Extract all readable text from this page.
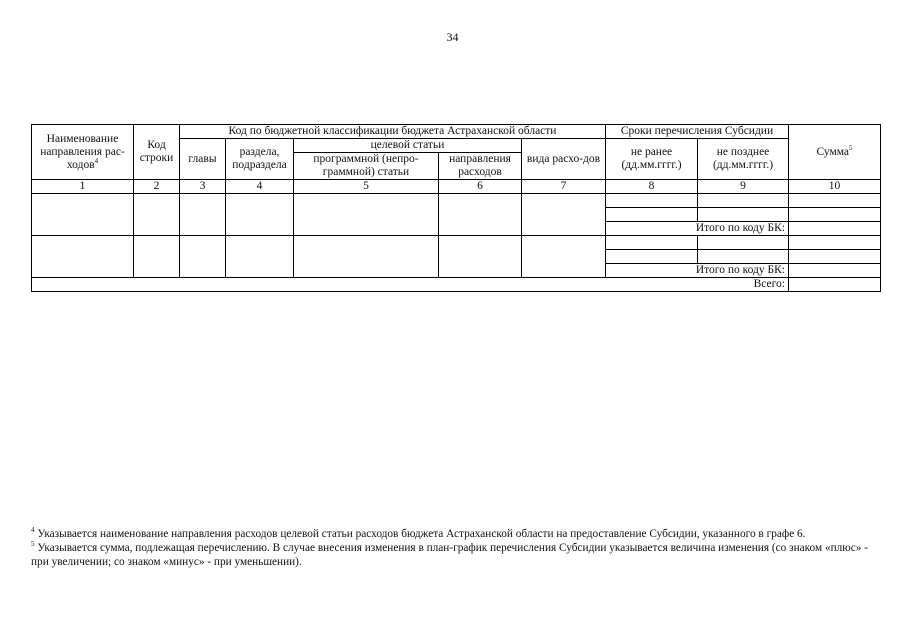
34
Наименование направления рас-ходов$^4$	Код строки	Код по бюджетной классификации бюджета Астраханской области					Сроки перечисления Субсидии		Сумма$^5$
		главы	раздела, подраздела	целевой статьи		вида расхо-дов	не ранее (дд.мм.гггг.)	не позднее (дд.мм.гггг.)	
				программной (непро-граммной) статьи	направления расходов				
1	2	3	4	5	6	7	8	9	10

							Итого по коду БК:		

							Итого по коду БК:		
Всего:									

$^4$ Указывается наименование направления расходов целевой статьи расходов бюджета Астраханской области на предоставление Субсидии, указанного в графе 6.

$^5$ Указывается сумма, подлежащая перечислению. В случае внесения изменения в план-график перечисления Субсидии указывается величина изменения (со знаком «плюс» - при увеличении; со знаком «минус» - при уменьшении).
